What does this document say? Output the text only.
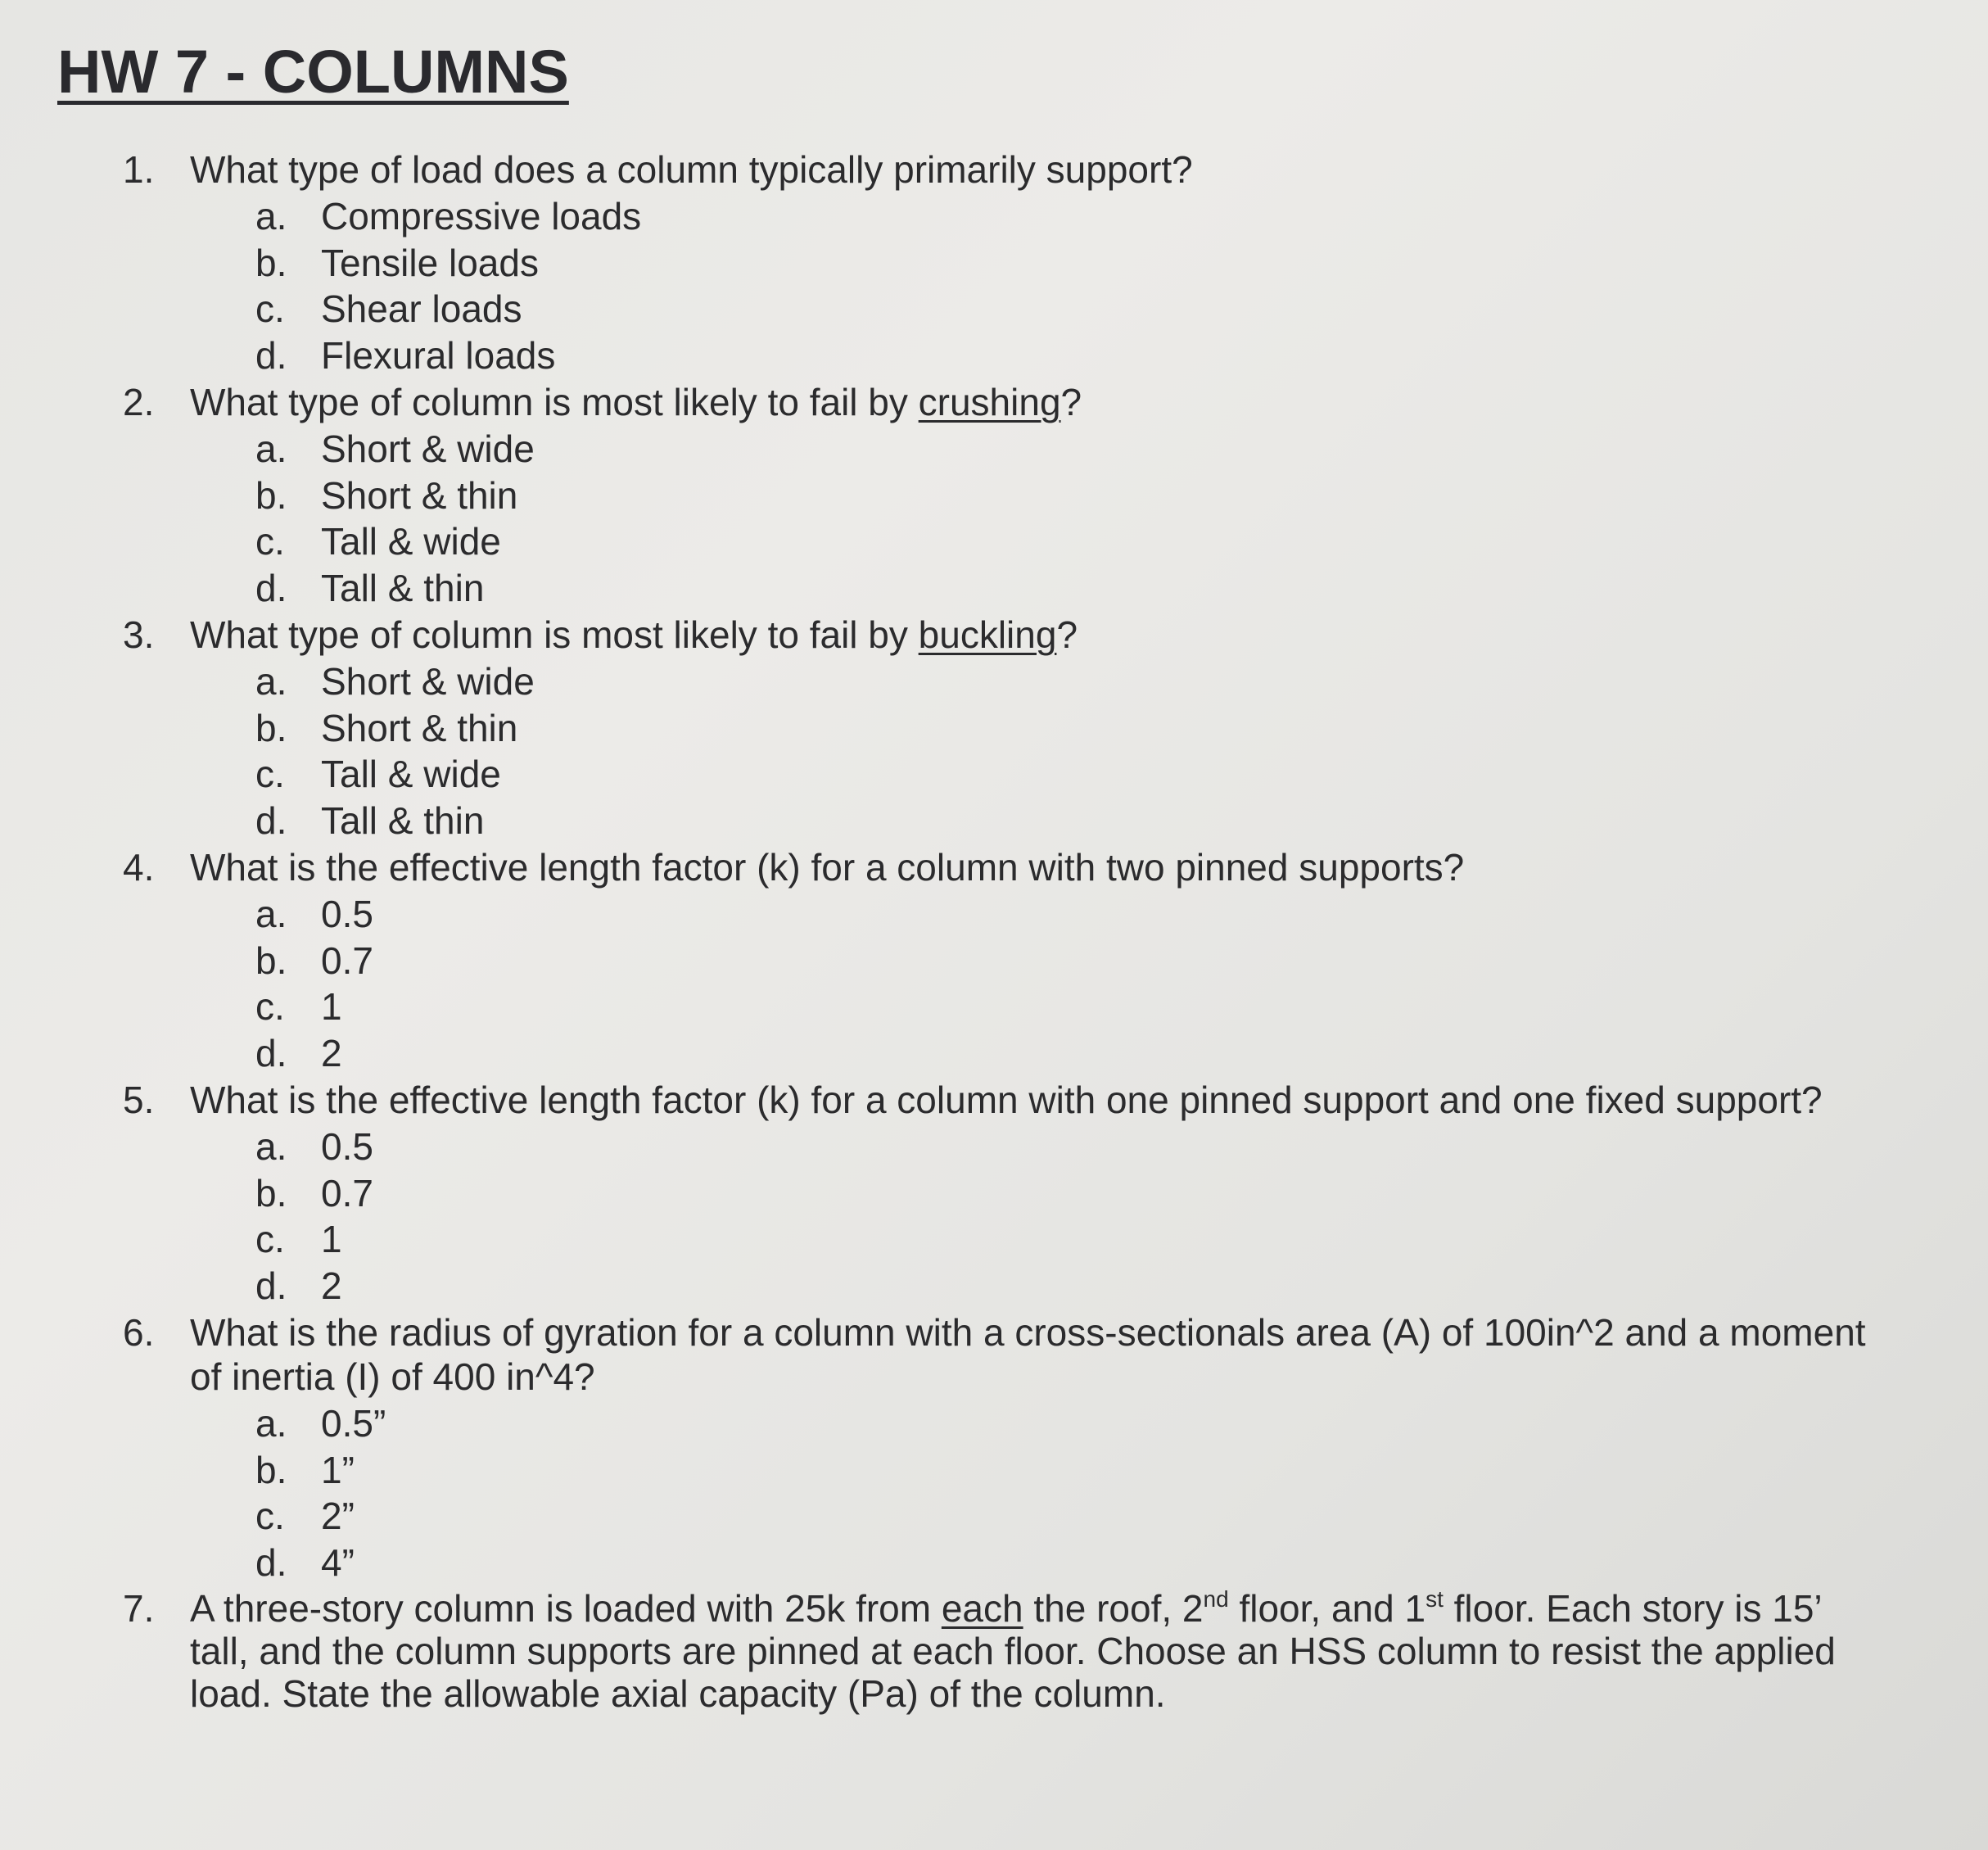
HW 7 - COLUMNS
1. What type of load does a column typically primarily support?
a. Compressive loads
b. Tensile loads
c. Shear loads
d. Flexural loads
2. What type of column is most likely to fail by crushing?
a. Short & wide
b. Short & thin
c. Tall & wide
d. Tall & thin
3. What type of column is most likely to fail by buckling?
a. Short & wide
b. Short & thin
c. Tall & wide
d. Tall & thin
4. What is the effective length factor (k) for a column with two pinned supports?
a. 0.5
b. 0.7
c. 1
d. 2
5. What is the effective length factor (k) for a column with one pinned support and one fixed support?
a. 0.5
b. 0.7
c. 1
d. 2
6. What is the radius of gyration for a column with a cross-sectionals area (A) of 100in^2 and a moment of inertia (I) of 400 in^4?
a. 0.5”
b. 1”
c. 2”
d. 4”
7. A three-story column is loaded with 25k from each the roof, 2nd floor, and 1st floor. Each story is 15’ tall, and the column supports are pinned at each floor. Choose an HSS column to resist the applied load. State the allowable axial capacity (Pa) of the column.
